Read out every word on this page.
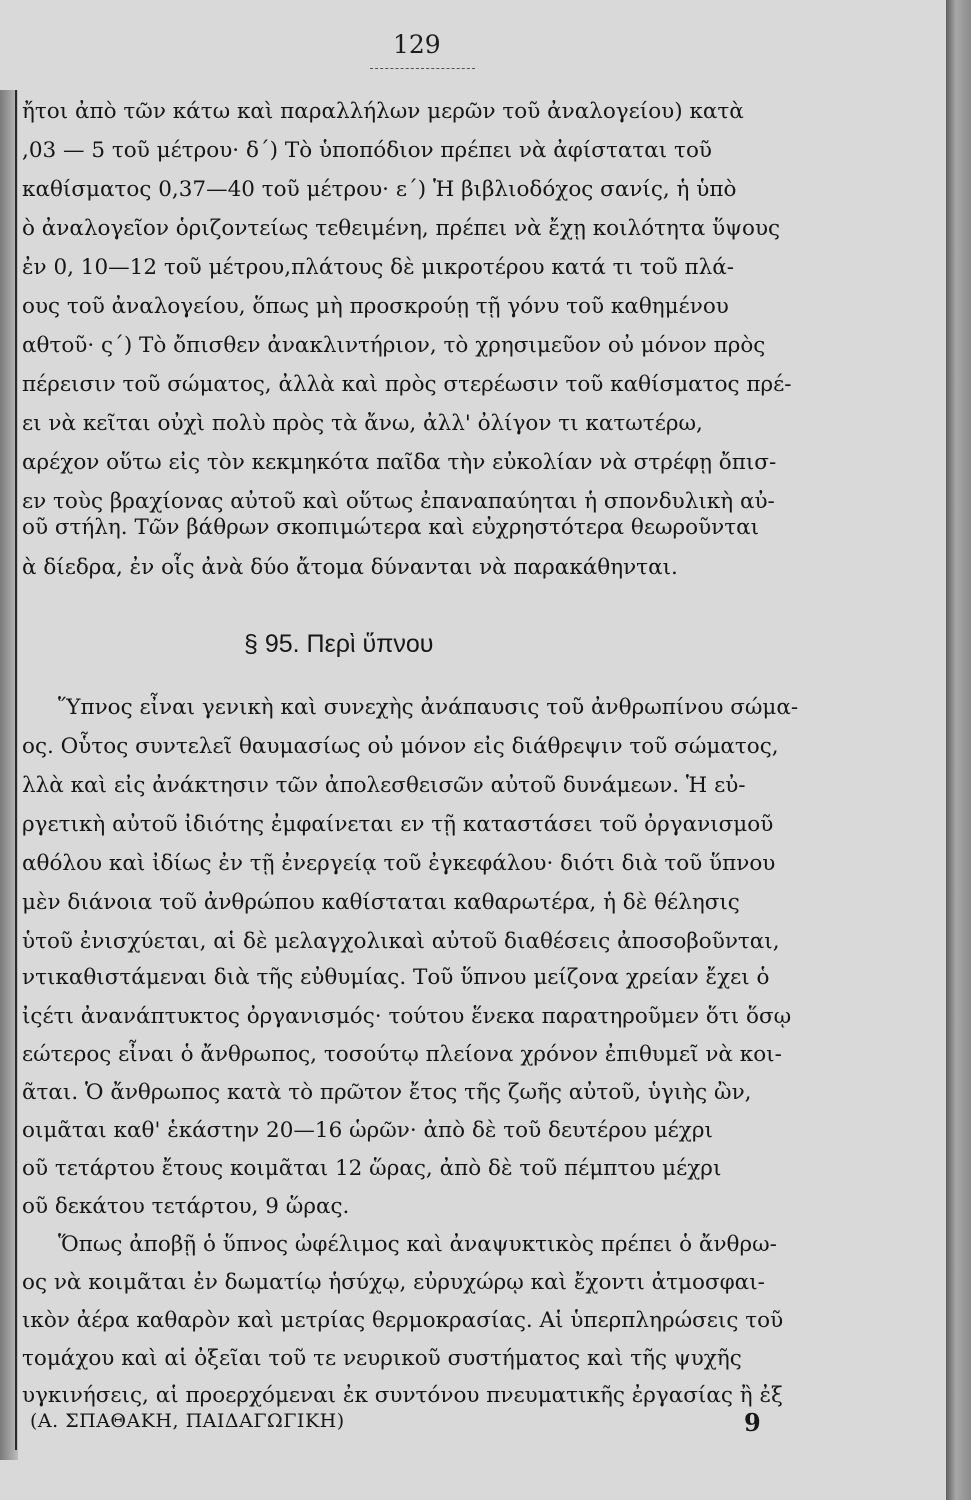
129
ἤτοι ἀπὸ τῶν κάτω καὶ παραλλήλων μερῶν τοῦ ἀναλογείου) κατὰ
,03 — 5 τοῦ μέτρου· δ΄) Τὸ ὑποπόδιον πρέπει νὰ ἀφίσταται τοῦ
καθίσματος 0,37—40 τοῦ μέτρου· ε΄) Ἡ βιβλιοδόχος σανίς, ἡ ὑπὸ
ὸ ἀναλογεῖον ὁριζοντείως τεθειμένη, πρέπει νὰ ἔχῃ κοιλότητα ὕψους
ἐν 0, 10—12 τοῦ μέτρου,πλάτους δὲ μικροτέρου κατά τι τοῦ πλά-
ους τοῦ ἀναλογείου, ὅπως μὴ προσκρούῃ τῇ γόνυ τοῦ καθημένου
αθτοῦ· ς΄) Τὸ ὄπισθεν ἀνακλιντήριον, τὸ χρησιμεῦον οὐ μόνον πρὸς
πέρεισιν τοῦ σώματος, ἀλλὰ καὶ πρὸς στερέωσιν τοῦ καθίσματος πρέ-
ει νὰ κεῖται οὐχὶ πολὺ πρὸς τὰ ἄνω, ἀλλ' ὀλίγον τι κατωτέρω,
αρέχον οὕτω εἰς τὸν κεκμηκότα παῖδα τὴν εὐκολίαν νὰ στρέφῃ ὄπισ-
εν τοὺς βραχίονας αὐτοῦ καὶ οὕτως ἐπαναπαύηται ἡ σπονδυλικὴ αὐ-
οῦ στήλη. Τῶν βάθρων σκοπιμώτερα καὶ εὐχρηστότερα θεωροῦνται
ὰ δίεδρα, ἐν οἷς ἀνὰ δύο ἄτομα δύνανται νὰ παρακάθηνται.
§ 95. Περὶ ὕπνου
Ὕπνος εἶναι γενικὴ καὶ συνεχὴς ἀνάπαυσις τοῦ ἀνθρωπίνου σώμα-
ος. Οὗτος συντελεῖ θαυμασίως οὐ μόνον εἰς διάθρεψιν τοῦ σώματος,
λλὰ καὶ εἰς ἀνάκτησιν τῶν ἀπολεσθεισῶν αὐτοῦ δυνάμεων. Ἡ εὐ-
ργετικὴ αὐτοῦ ἰδιότης ἐμφαίνεται εν τῇ καταστάσει τοῦ ὀργανισμοῦ
αθόλου καὶ ἰδίως ἐν τῇ ἐνεργείᾳ τοῦ ἐγκεφάλου· διότι διὰ τοῦ ὕπνου
μὲν διάνοια τοῦ ἀνθρώπου καθίσταται καθαρωτέρα, ἡ δὲ θέλησις
ὑτοῦ ἐνισχύεται, αἱ δὲ μελαγχολικαὶ αὐτοῦ διαθέσεις ἀποσοβοῦνται,
ντικαθιστάμεναι διὰ τῆς εὐθυμίας. Τοῦ ὕπνου μείζονα χρείαν ἔχει ὁ
ἰςέτι ἀνανάπτυκτος ὀργανισμός· τούτου ἕνεκα παρατηροῦμεν ὅτι ὅσῳ
εώτερος εἶναι ὁ ἄνθρωπος, τοσούτῳ πλείονα χρόνον ἐπιθυμεῖ νὰ κοι-
ᾶται. Ὁ ἄνθρωπος κατὰ τὸ πρῶτον ἔτος τῆς ζωῆς αὐτοῦ, ὑγιὴς ὢν,
οιμᾶται καθ' ἑκάστην 20—16 ὡρῶν· ἀπὸ δὲ τοῦ δευτέρου μέχρι
οῦ τετάρτου ἔτους κοιμᾶται 12 ὥρας, ἀπὸ δὲ τοῦ πέμπτου μέχρι
οῦ δεκάτου τετάρτου, 9 ὥρας.
Ὅπως ἀποβῇ ὁ ὕπνος ὠφέλιμος καὶ ἀναψυκτικὸς πρέπει ὁ ἄνθρω-
ος νὰ κοιμᾶται ἐν δωματίῳ ἡσύχῳ, εὐρυχώρῳ καὶ ἔχοντι ἀτμοσφαι-
ικὸν ἀέρα καθαρὸν καὶ μετρίας θερμοκρασίας. Αἱ ὑπερπληρώσεις τοῦ
τομάχου καὶ αἱ ὀξεῖαι τοῦ τε νευρικοῦ συστήματος καὶ τῆς ψυχῆς
υγκινήσεις, αἱ προερχόμεναι ἐκ συντόνου πνευματικῆς ἐργασίας ἢ ἐξ
(Α. ΣΠΑΘΑΚΗ, ΠΑΙΔΑΓΩΓΙΚΗ)	9
